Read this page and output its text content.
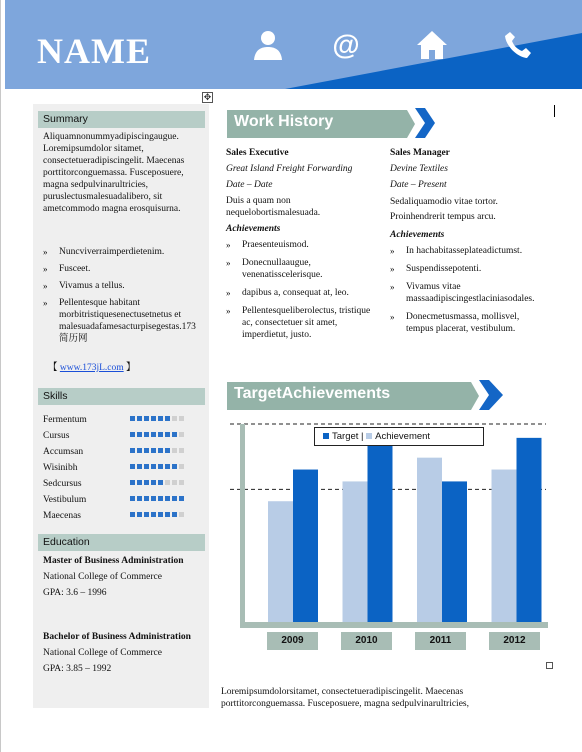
NAME	@
✥
Summary
Aliquamnonummyadipiscingaugue. Loremipsumdolor sitamet, consectetueradipiscingelit. Maecenas porttitorconguemassa. Fusceposuere, magna sedpulvinarultricies, puruslectusmalesuadalibero, sit ametcommodo magna erosquisurna.
» Nuncviverraimperdietenim.
» Fusceet.
» Vivamus a tellus.
» Pellentesque habitant morbitristiquesenectusetnetus et malesuadafamesacturpisegestas.173 简历网
【 www.173jL.com 】
Skills
Fermentum
Cursus
Accumsan
Wisinibh
Sedcursus
Vestibulum
Maecenas
Education
Master of Business Administration
National College of Commerce
GPA: 3.6 – 1996
Bachelor of Business Administration
National College of Commerce
GPA: 3.85 – 1992
Work History
Sales Executive
Great Island Freight Forwarding
Date – Date
Duis a quam non nequelobortismalesuada.
Achievements
» Praesenteuismod.
» Donecnullaaugue, venenatisscelerisque.
» dapibus a, consequat at, leo.
» Pellentesqueliberolectus, tristique ac, consectetuer sit amet, imperdietut, justo.
Sales Manager
Devine Textiles
Date – Present
Sedaliquamodio vitae tortor. Proinhendrerit tempus arcu.
Achievements
» In hachabitasseplateadictumst.
» Suspendissepotenti.
» Vivamus vitae massaadipiscingestlaciniasodales.
» Donecmetusmassa, mollisvel, tempus placerat, vestibulum.
TargetAchievements
Target | Achievement
2009	2010	2011	2012
Loremipsumdolorsitamet, consectetueradipiscingelit. Maecenas porttitorconguemassa. Fusceposuere, magna sedpulvinarultricies,
